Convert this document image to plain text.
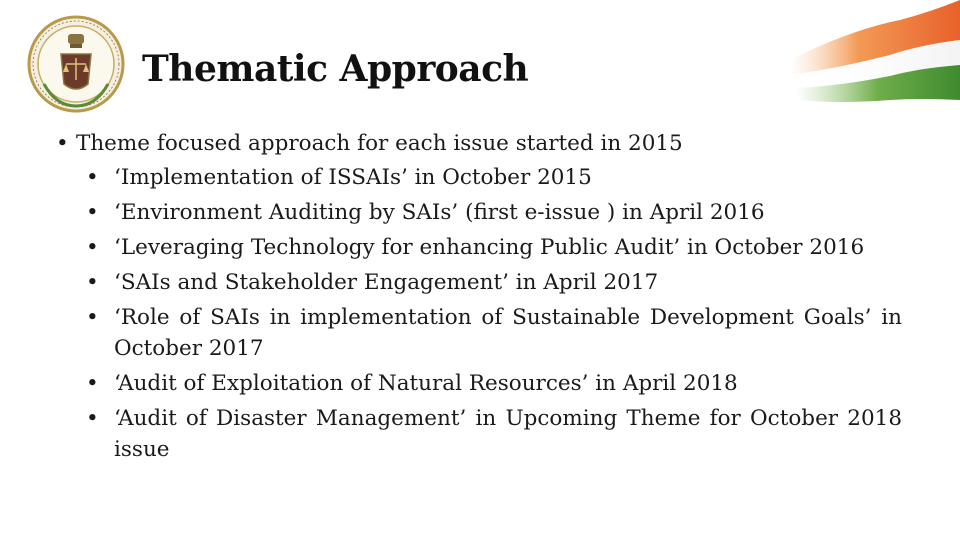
Thematic Approach
• Theme focused approach for each issue started in 2015
• ‘Implementation of ISSAIs’ in October 2015
• ‘Environment Auditing by SAIs’ (first e-issue ) in April 2016
• ‘Leveraging Technology for enhancing Public Audit’ in October 2016
• ‘SAIs and Stakeholder Engagement’ in April 2017
• ‘Role of SAIs in implementation of Sustainable Development Goals’ in October 2017
• ‘Audit of Exploitation of Natural Resources’ in April 2018
• ‘Audit of Disaster Management’ in Upcoming Theme for October 2018 issue
